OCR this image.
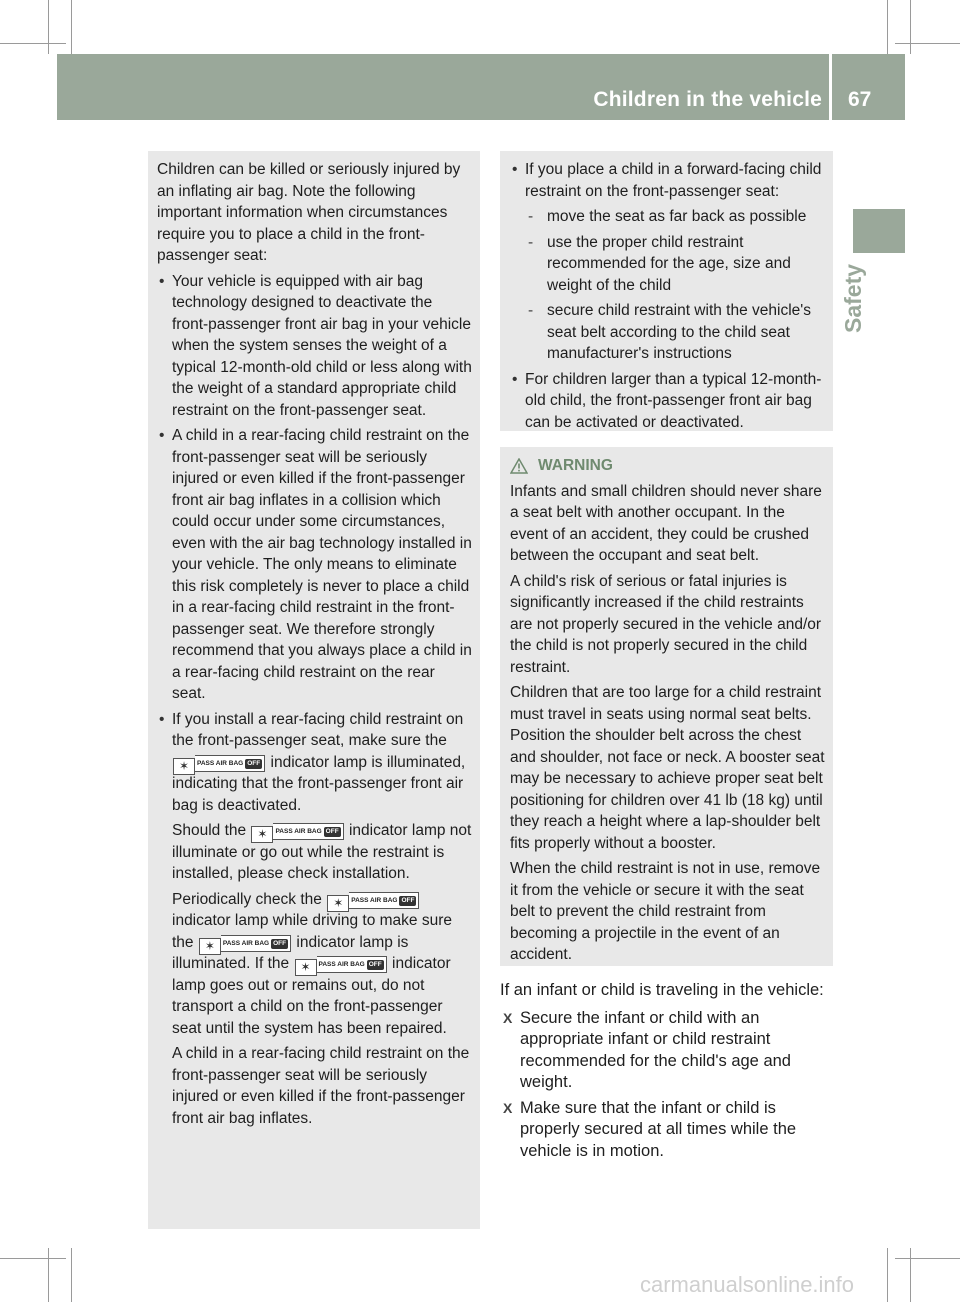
Children in the vehicle 67
Safety

Children can be killed or seriously injured by an inflating air bag. Note the following important information when circumstances require you to place a child in the front-passenger seat:

• Your vehicle is equipped with air bag technology designed to deactivate the front-passenger front air bag in your vehicle when the system senses the weight of a typical 12-month-old child or less along with the weight of a standard appropriate child restraint on the front-passenger seat.
• A child in a rear-facing child restraint on the front-passenger seat will be seriously injured or even killed if the front-passenger front air bag inflates in a collision which could occur under some circumstances, even with the air bag technology installed in your vehicle. The only means to eliminate this risk completely is never to place a child in a rear-facing child restraint in the front-passenger seat. We therefore strongly recommend that you always place a child in a rear-facing child restraint on the rear seat.
• If you install a rear-facing child restraint on the front-passenger seat, make sure the ✶ PASS AIR BAG OFF indicator lamp is illuminated, indicating that the front-passenger front air bag is deactivated.

Should the ✶ PASS AIR BAG OFF indicator lamp not illuminate or go out while the restraint is installed, please check installation.

Periodically check the ✶ PASS AIR BAG OFF indicator lamp while driving to make sure the ✶ PASS AIR BAG OFF indicator lamp is illuminated. If the ✶ PASS AIR BAG OFF indicator lamp goes out or remains out, do not transport a child on the front-passenger seat until the system has been repaired.

A child in a rear-facing child restraint on the front-passenger seat will be seriously injured or even killed if the front-passenger front air bag inflates.

• If you place a child in a forward-facing child restraint on the front-passenger seat:
- move the seat as far back as possible
- use the proper child restraint recommended for the age, size and weight of the child
- secure child restraint with the vehicle's seat belt according to the child seat manufacturer's instructions
• For children larger than a typical 12-month-old child, the front-passenger front air bag can be activated or deactivated.
WARNING

Infants and small children should never share a seat belt with another occupant. In the event of an accident, they could be crushed between the occupant and seat belt.

A child's risk of serious or fatal injuries is significantly increased if the child restraints are not properly secured in the vehicle and/or the child is not properly secured in the child restraint.

Children that are too large for a child restraint must travel in seats using normal seat belts. Position the shoulder belt across the chest and shoulder, not face or neck. A booster seat may be necessary to achieve proper seat belt positioning for children over 41 lb (18 kg) until they reach a height where a lap-shoulder belt fits properly without a booster.

When the child restraint is not in use, remove it from the vehicle or secure it with the seat belt to prevent the child restraint from becoming a projectile in the event of an accident.

If an infant or child is traveling in the vehicle:

X Secure the infant or child with an appropriate infant or child restraint recommended for the child's age and weight.
X Make sure that the infant or child is properly secured at all times while the vehicle is in motion.
carmanualsonline.info
